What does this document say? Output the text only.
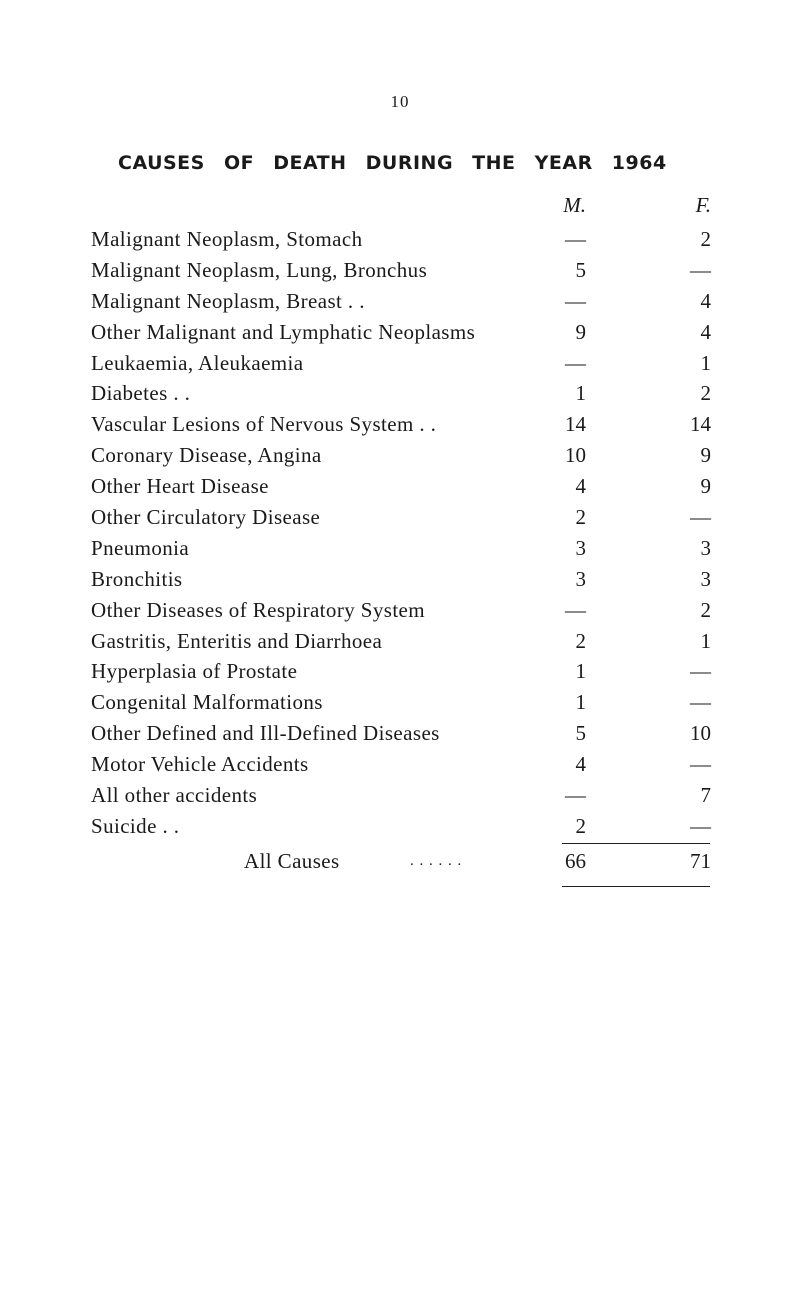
10
CAUSES OF DEATH DURING THE YEAR 1964
M.	F.
Malignant Neoplasm, Stomach	—	2
Malignant Neoplasm, Lung, Bronchus	5	—
Malignant Neoplasm, Breast . .	—	4
Other Malignant and Lymphatic Neoplasms	9	4
Leukaemia, Aleukaemia	—	1
Diabetes . .	1	2
Vascular Lesions of Nervous System . .	14	14
Coronary Disease, Angina	10	9
Other Heart Disease	4	9
Other Circulatory Disease	2	—
Pneumonia	3	3
Bronchitis	3	3
Other Diseases of Respiratory System	—	2
Gastritis, Enteritis and Diarrhoea	2	1
Hyperplasia of Prostate	1	—
Congenital Malformations	1	—
Other Defined and Ill-Defined Diseases	5	10
Motor Vehicle Accidents	4	—
All other accidents	—	7
Suicide . .	2	—
All Causes	. . . . . .	66	71
